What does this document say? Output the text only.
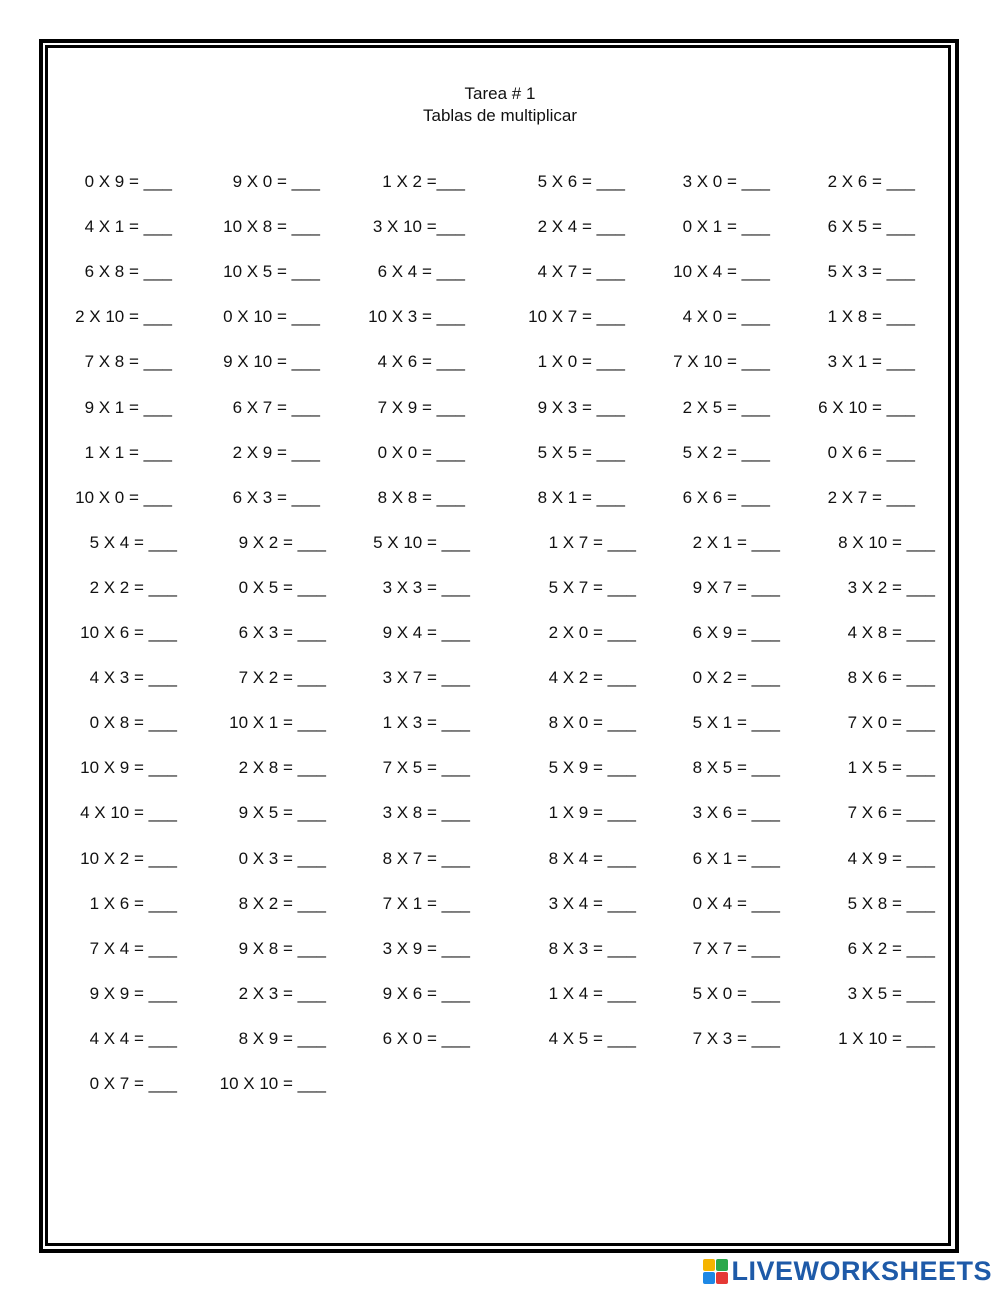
Tarea # 1
Tablas de multiplicar
0 X 9 = ___	9 X 0 = ___	1 X 2 =___	5 X 6 = ___	3 X 0 = ___	2 X 6 = ___
4 X 1 = ___	10 X 8 = ___	3 X 10 =___	2 X 4 = ___	0 X 1 = ___	6 X 5 = ___
6 X 8 = ___	10 X 5 = ___	6 X 4 = ___	4 X 7 = ___	10 X 4 = ___	5 X 3 = ___
2 X 10 = ___	0 X 10 = ___	10 X 3 = ___	10 X 7 = ___	4 X 0 = ___	1 X 8 = ___
7 X 8 = ___	9 X 10 = ___	4 X 6 = ___	1 X 0 = ___	7 X 10 = ___	3 X 1 = ___
9 X 1 = ___	6 X 7 = ___	7 X 9 = ___	9 X 3 = ___	2 X 5 = ___	6 X 10 = ___
1 X 1 = ___	2 X 9 = ___	0 X 0 = ___	5 X 5 = ___	5 X 2 = ___	0 X 6 = ___
10 X 0 = ___	6 X 3 = ___	8 X 8 = ___	8 X 1 = ___	6 X 6 = ___	2 X 7 = ___
5 X 4 = ___	9 X 2 = ___	5 X 10 = ___	1 X 7 = ___	2 X 1 = ___	8 X 10 = ___
2 X 2 = ___	0 X 5 = ___	3 X 3 = ___	5 X 7 = ___	9 X 7 = ___	3 X 2 = ___
10 X 6 = ___	6 X 3 = ___	9 X 4 = ___	2 X 0 = ___	6 X 9 = ___	4 X 8 = ___
4 X 3 = ___	7 X 2 = ___	3 X 7 = ___	4 X 2 = ___	0 X 2 = ___	8 X 6 = ___
0 X 8 = ___	10 X 1 = ___	1 X 3 = ___	8 X 0 = ___	5 X 1 = ___	7 X 0 = ___
10 X 9 = ___	2 X 8 = ___	7 X 5 = ___	5 X 9 = ___	8 X 5 = ___	1 X 5 = ___
4 X 10 = ___	9 X 5 = ___	3 X 8 = ___	1 X 9 = ___	3 X 6 = ___	7 X 6 = ___
10 X 2 = ___	0 X 3 = ___	8 X 7 = ___	8 X 4 = ___	6 X 1 = ___	4 X 9 = ___
1 X 6 = ___	8 X 2 = ___	7 X 1 = ___	3 X 4 = ___	0 X 4 = ___	5 X 8 = ___
7 X 4 = ___	9 X 8 = ___	3 X 9 = ___	8 X 3 = ___	7 X 7 = ___	6 X 2 = ___
9 X 9 = ___	2 X 3 = ___	9 X 6 = ___	1 X 4 = ___	5 X 0 = ___	3 X 5 = ___
4 X 4 = ___	8 X 9 = ___	6 X 0 = ___	4 X 5 = ___	7 X 3 = ___	1 X 10 = ___
0 X 7 = ___	10 X 10 = ___
LIVEWORKSHEETS
